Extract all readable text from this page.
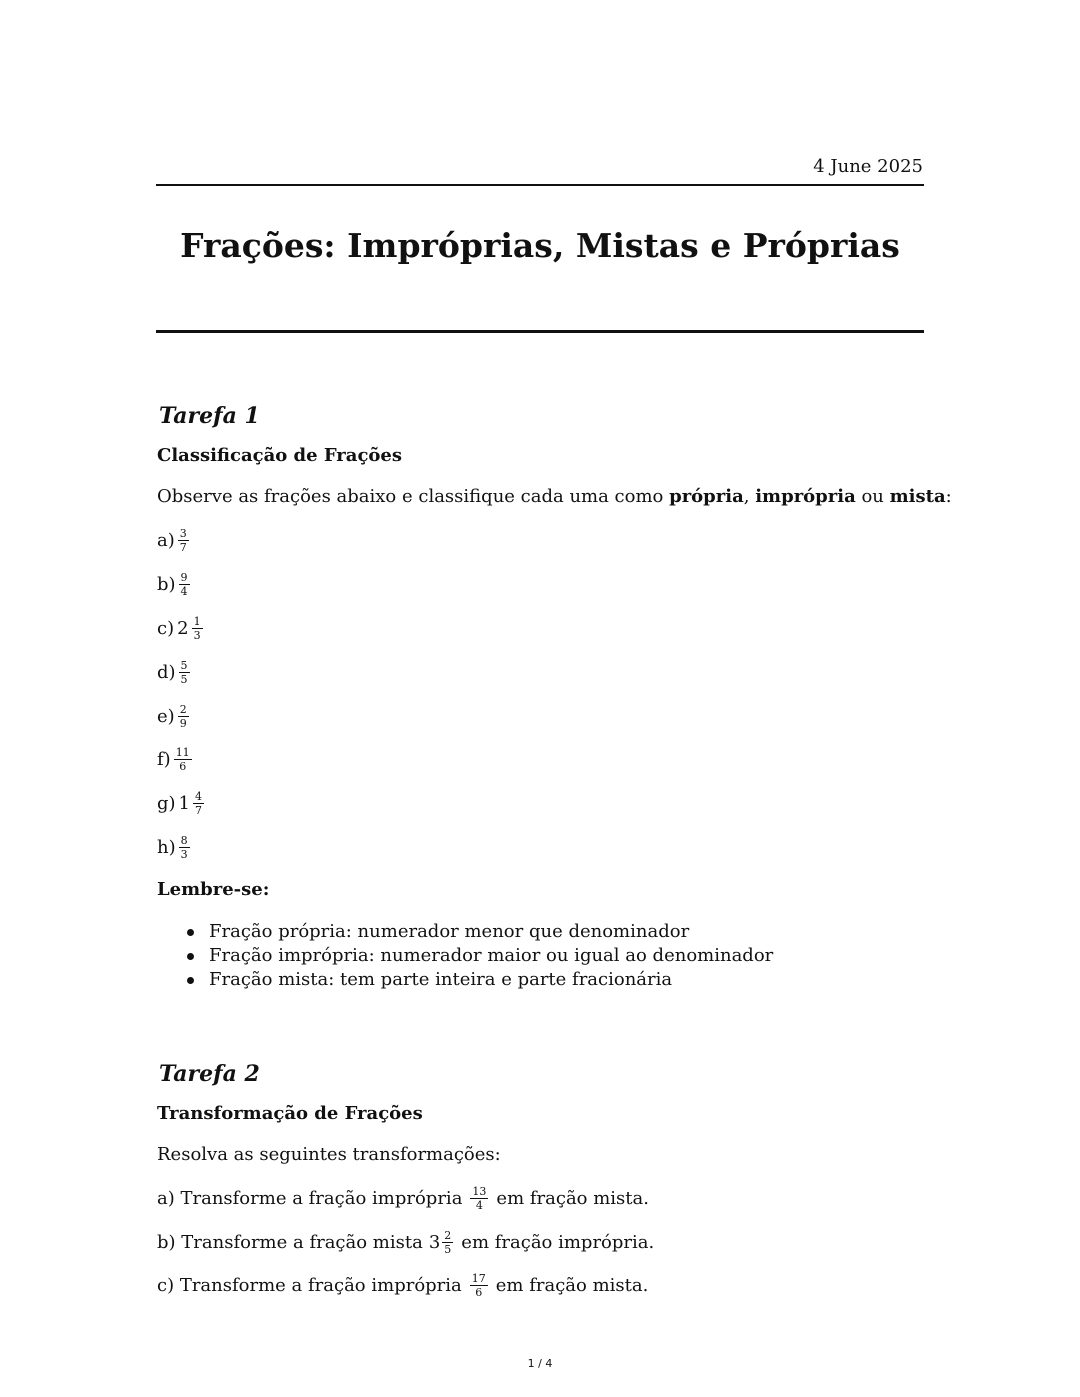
4 June 2025
Frações: Impróprias, Mistas e Próprias
Tarefa 1
Classificação de Frações
Observe as frações abaixo e classifique cada uma como própria, imprópria ou mista:
$a) \frac{3}{7}$
$b) \frac{9}{4}$
c) $2 \frac{1}{3}$
$d) \frac{5}{5}$
$e) \frac{2}{9}$
$f) \frac{11}{6}$
g) $1 \frac{4}{7}$
$h) \frac{8}{3}$
Lembre-se:
Fração própria: numerador menor que denominador
Fração imprópria: numerador maior ou igual ao denominador
Fração mista: tem parte inteira e parte fracionária
Tarefa 2
Transformação de Frações
Resolva as seguintes transformações:
a) Transforme a fração imprópria $\frac{13}{4}$ em fração mista.
b) Transforme a fração mista $3 \frac{2}{5}$ em fração imprópria.
c) Transforme a fração imprópria $\frac{17}{6}$ em fração mista.
1 / 4
